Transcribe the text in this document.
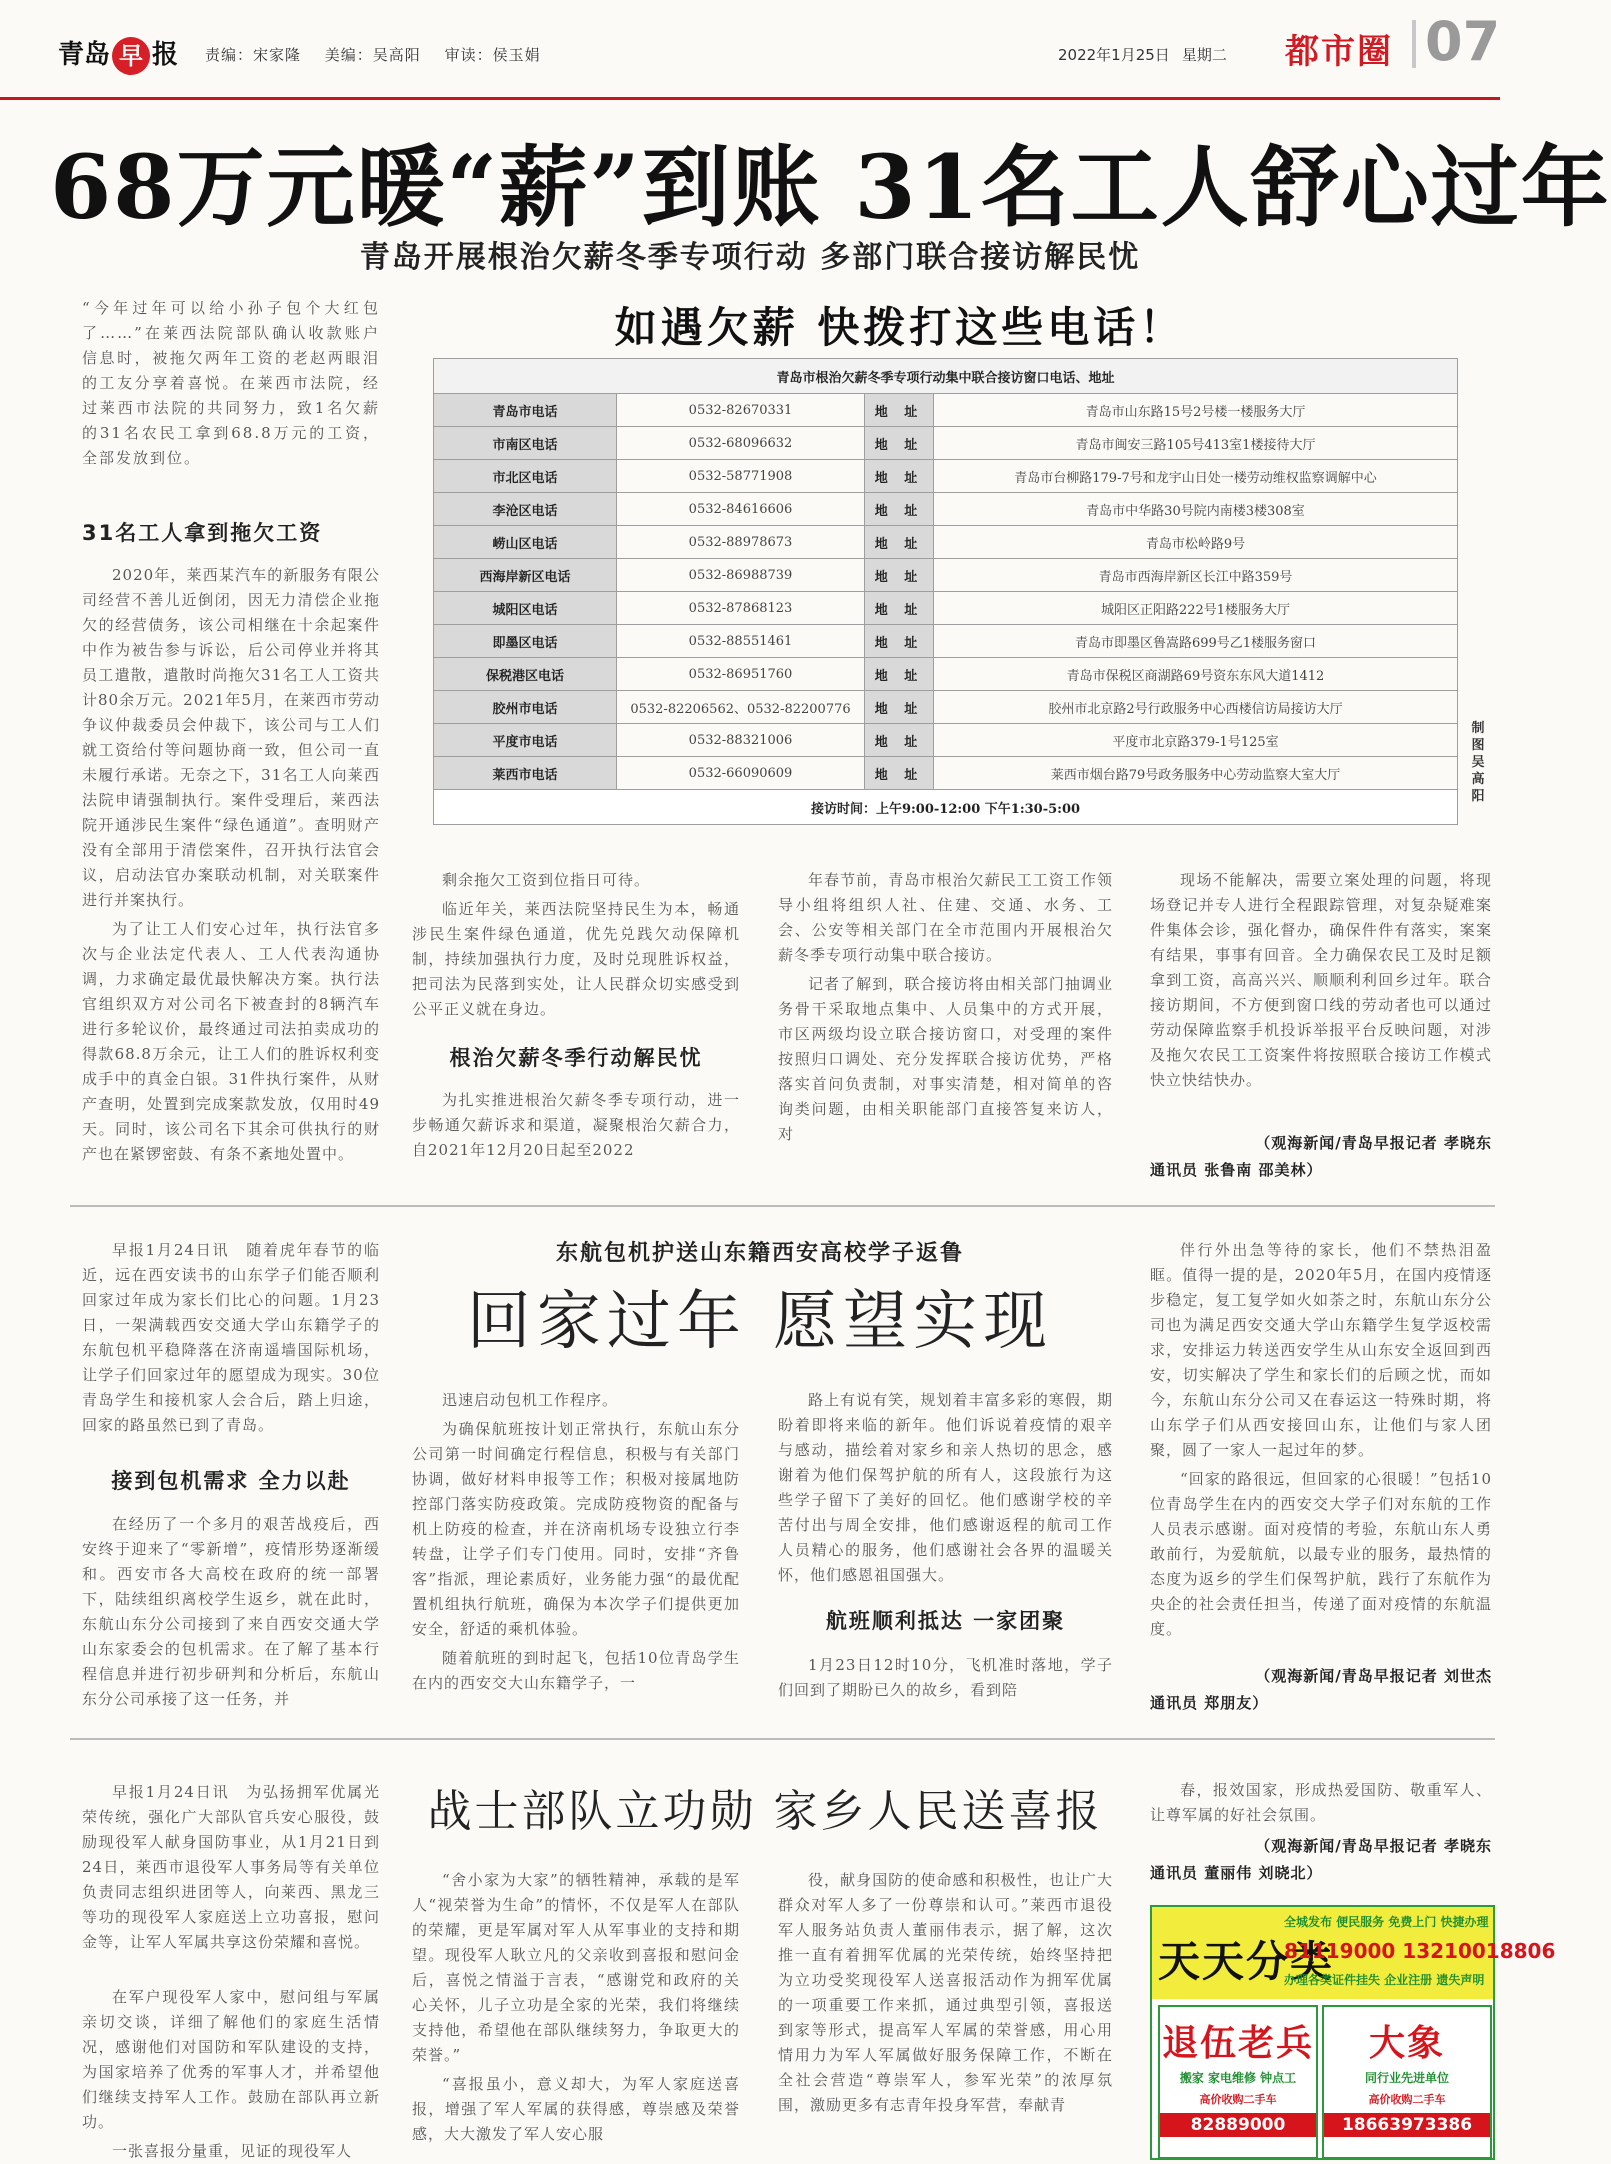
青岛 早 报 责编：宋家隆 美编：吴高阳 审读：侯玉娟	2022年1月25日 星期二	都市圈 07
68万元暖“薪”到账 31名工人舒心过年
青岛开展根治欠薪冬季专项行动 多部门联合接访解民忧
“今年过年可以给小孙子包个大红包了……”在莱西法院部队确认收款账户信息时，被拖欠两年工资的老赵两眼泪的工友分享着喜悦。在莱西市法院，经过莱西市法院的共同努力，致1名欠薪的31名农民工拿到68.8万元的工资，全部发放到位。
31名工人拿到拖欠工资

2020年，莱西某汽车的新服务有限公司经营不善儿近倒闭，因无力清偿企业拖欠的经营债务，该公司相继在十余起案件中作为被告参与诉讼，后公司停业并将其员工遣散，遣散时尚拖欠31名工人工资共计80余万元。2021年5月，在莱西市劳动争议仲裁委员会仲裁下，该公司与工人们就工资给付等问题协商一致，但公司一直未履行承诺。无奈之下，31名工人向莱西法院申请强制执行。案件受理后，莱西法院开通涉民生案件“绿色通道”。查明财产没有全部用于清偿案件，召开执行法官会议，启动法官办案联动机制，对关联案件进行并案执行。

为了让工人们安心过年，执行法官多次与企业法定代表人、工人代表沟通协调，力求确定最优最快解决方案。执行法官组织双方对公司名下被查封的8辆汽车进行多轮议价，最终通过司法拍卖成功的得款68.8万余元，让工人们的胜诉权利变成手中的真金白银。31件执行案件，从财产查明，处置到完成案款发放，仅用时49天。同时，该公司名下其余可供执行的财产也在紧锣密鼓、有条不紊地处置中。

如遇欠薪 快拨打这些电话！
青岛市根治欠薪冬季专项行动集中联合接访窗口电话、地址			
青岛市电话	0532-82670331	地 址	青岛市山东路15号2号楼一楼服务大厅
市南区电话	0532-68096632	地 址	青岛市闽安三路105号413室1楼接待大厅
市北区电话	0532-58771908	地 址	青岛市台柳路179-7号和龙宇山日处一楼劳动维权监察调解中心
李沧区电话	0532-84616606	地 址	青岛市中华路30号院内南楼3楼308室
崂山区电话	0532-88978673	地 址	青岛市松岭路9号
西海岸新区电话	0532-86988739	地 址	青岛市西海岸新区长江中路359号
城阳区电话	0532-87868123	地 址	城阳区正阳路222号1楼服务大厅
即墨区电话	0532-88551461	地 址	青岛市即墨区鲁嵩路699号乙1楼服务窗口
保税港区电话	0532-86951760	地 址	青岛市保税区商湖路69号资东东风大道1412
胶州市电话	0532-82206562、0532-82200776	地 址	胶州市北京路2号行政服务中心西楼信访局接访大厅
平度市电话	0532-88321006	地 址	平度市北京路379-1号125室
莱西市电话	0532-66090609	地 址	莱西市烟台路79号政务服务中心劳动监察大室大厅
接访时间：上午9:00-12:00 下午1:30-5:00			
制图 吴高阳

剩余拖欠工资到位指日可待。

临近年关，莱西法院坚持民生为本，畅通涉民生案件绿色通道，优先兑践欠动保障机制，持续加强执行力度，及时兑现胜诉权益，把司法为民落到实处，让人民群众切实感受到公平正义就在身边。

根治欠薪冬季行动解民忧

为扎实推进根治欠薪冬季专项行动，进一步畅通欠薪诉求和渠道，凝聚根治欠薪合力，自2021年12月20日起至2022

年春节前，青岛市根治欠薪民工工资工作领导小组将组织人社、住建、交通、水务、工会、公安等相关部门在全市范围内开展根治欠薪冬季专项行动集中联合接访。

记者了解到，联合接访将由相关部门抽调业务骨干采取地点集中、人员集中的方式开展，市区两级均设立联合接访窗口，对受理的案件按照归口调处、充分发挥联合接访优势，严格落实首问负责制，对事实清楚，相对简单的咨询类问题，由相关职能部门直接答复来访人，对

现场不能解决，需要立案处理的问题，将现场登记并专人进行全程跟踪管理，对复杂疑难案件集体会诊，强化督办，确保件件有落实，案案有结果，事事有回音。全力确保农民工及时足额拿到工资，高高兴兴、顺顺利利回乡过年。联合接访期间，不方便到窗口线的劳动者也可以通过劳动保障监察手机投诉举报平台反映问题，对涉及拖欠农民工工资案件将按照联合接访工作模式快立快结快办。

（观海新闻/青岛早报记者 孝晓东
通讯员 张鲁南 邵美林）

早报1月24日讯　随着虎年春节的临近，远在西安读书的山东学子们能否顺利回家过年成为家长们比心的问题。1月23日，一架满载西安交通大学山东籍学子的东航包机平稳降落在济南遥墙国际机场，让学子们回家过年的愿望成为现实。30位青岛学生和接机家人会合后，踏上归途，回家的路虽然已到了青岛。

接到包机需求 全力以赴

在经历了一个多月的艰苦战疫后，西安终于迎来了“零新增”，疫情形势逐渐缓和。西安市各大高校在政府的统一部署下，陆续组织离校学生返乡，就在此时，东航山东分公司接到了来自西安交通大学山东家委会的包机需求。在了解了基本行程信息并进行初步研判和分析后，东航山东分公司承接了这一任务，并

东航包机护送山东籍西安高校学子返鲁
回家过年 愿望实现

迅速启动包机工作程序。

为确保航班按计划正常执行，东航山东分公司第一时间确定行程信息，积极与有关部门协调，做好材料申报等工作；积极对接属地防控部门落实防疫政策。完成防疫物资的配备与机上防疫的检查，并在济南机场专设独立行李转盘，让学子们专门使用。同时，安排“齐鲁客”指派，理论素质好，业务能力强“的最优配置机组执行航班，确保为本次学子们提供更加安全，舒适的乘机体验。

随着航班的到时起飞，包括10位青岛学生在内的西安交大山东籍学子，一

路上有说有笑，规划着丰富多彩的寒假，期盼着即将来临的新年。他们诉说着疫情的艰辛与感动，描绘着对家乡和亲人热切的思念，感谢着为他们保驾护航的所有人，这段旅行为这些学子留下了美好的回忆。他们感谢学校的辛苦付出与周全安排，他们感谢返程的航司工作人员精心的服务，他们感谢社会各界的温暖关怀，他们感恩祖国强大。

航班顺利抵达 一家团聚

1月23日12时10分，飞机准时落地，学子们回到了期盼已久的故乡，看到陪

伴行外出急等待的家长，他们不禁热泪盈眶。值得一提的是，2020年5月，在国内疫情逐步稳定，复工复学如火如荼之时，东航山东分公司也为满足西安交通大学山东籍学生复学返校需求，安排运力转送西安学生从山东安全返回到西安，切实解决了学生和家长们的后顾之忧，而如今，东航山东分公司又在春运这一特殊时期，将山东学子们从西安接回山东，让他们与家人团聚，圆了一家人一起过年的梦。

“回家的路很远，但回家的心很暖！”包括10位青岛学生在内的西安交大学子们对东航的工作人员表示感谢。面对疫情的考验，东航山东人勇敢前行，为爱航航，以最专业的服务，最热情的态度为返乡的学生们保驾护航，践行了东航作为央企的社会责任担当，传递了面对疫情的东航温度。

（观海新闻/青岛早报记者 刘世杰
通讯员 郑朋友）

早报1月24日讯　为弘扬拥军优属光荣传统，强化广大部队官兵安心服役，鼓励现役军人献身国防事业，从1月21日到24日，莱西市退役军人事务局等有关单位负责同志组织进团等人，向莱西、黑龙三等功的现役军人家庭送上立功喜报，慰问金等，让军人军属共享这份荣耀和喜悦。

在军户现役军人家中，慰问组与军属亲切交谈，详细了解他们的家庭生活情况，感谢他们对国防和军队建设的支持，为国家培养了优秀的军事人才，并希望他们继续支持军人工作。鼓励在部队再立新功。

一张喜报分量重，见证的现役军人

战士部队立功勋 家乡人民送喜报

“舍小家为大家”的牺牲精神，承载的是军人“视荣誉为生命”的情怀，不仅是军人在部队的荣耀，更是军属对军人从军事业的支持和期望。现役军人耿立凡的父亲收到喜报和慰问金后，喜悦之情溢于言表，“感谢党和政府的关心关怀，儿子立功是全家的光荣，我们将继续支持他，希望他在部队继续努力，争取更大的荣誉。”

“喜报虽小，意义却大，为军人家庭送喜报，增强了军人军属的获得感，尊崇感及荣誉感，大大激发了军人安心服

役，献身国防的使命感和积极性，也让广大群众对军人多了一份尊崇和认可。”莱西市退役军人服务站负责人董丽伟表示，据了解，这次推一直有着拥军优属的光荣传统，始终坚持把为立功受奖现役军人送喜报活动作为拥军优属的一项重要工作来抓，通过典型引领，喜报送到家等形式，提高军人军属的荣誉感，用心用情用力为军人军属做好服务保障工作，不断在全社会营造“尊崇军人，参军光荣”的浓厚氛围，激励更多有志青年投身军营，奉献青

春，报效国家，形成热爱国防、敬重军人、让尊军属的好社会氛围。

（观海新闻/青岛早报记者 孝晓东
通讯员 董丽伟 刘晓北）
天天分类
全城发布 便民服务 免费上门 快捷办理
81119000 13210018806
办理各类证件挂失 企业注册 遗失声明
退伍老兵
搬家 家电维修 钟点工
高价收购二手车
82889000
大象
同行业先进单位
高价收购二手车
18663973386
